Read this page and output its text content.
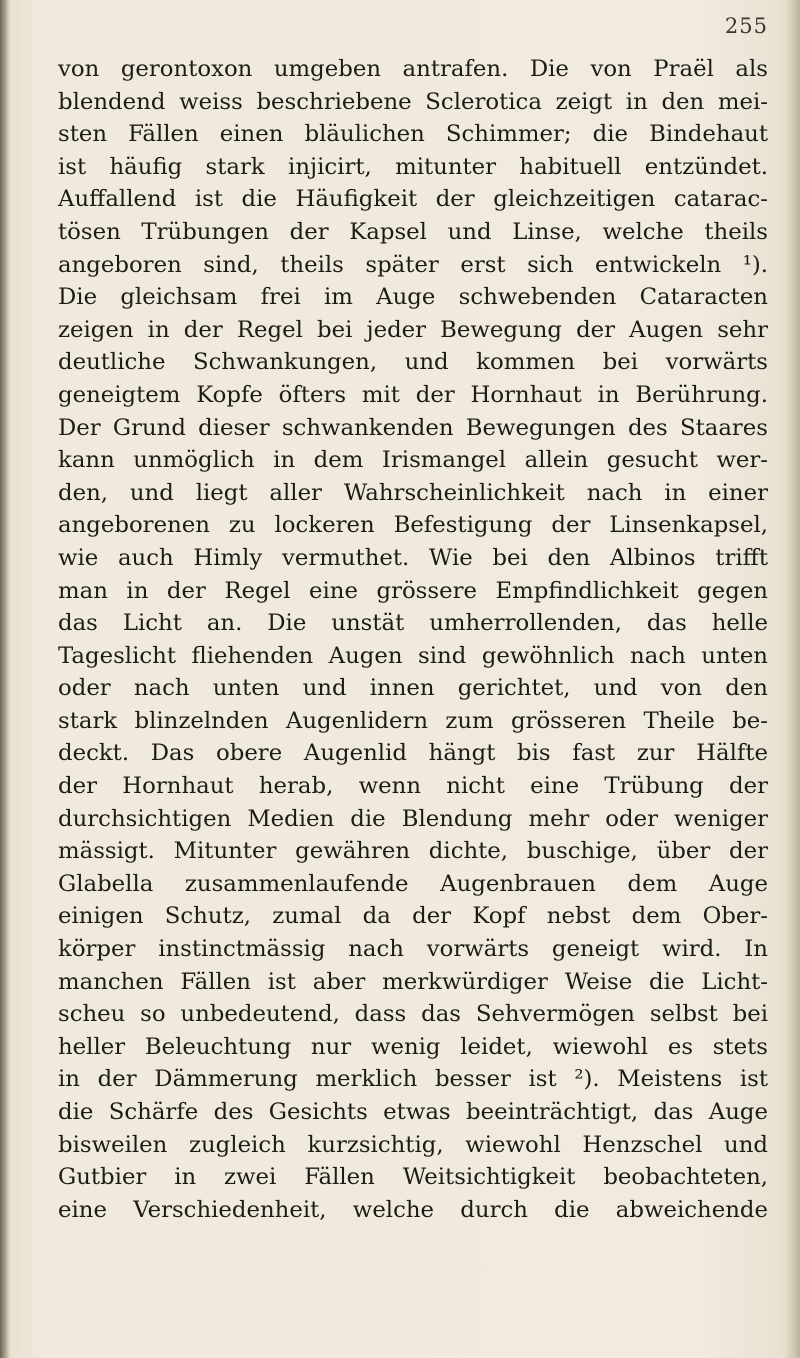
255
von gerontoxon umgeben antrafen. Die von Praël als
blendend weiss beschriebene Sclerotica zeigt in den mei-
sten Fällen einen bläulichen Schimmer; die Bindehaut
ist häufig stark injicirt, mitunter habituell entzündet.
Auffallend ist die Häufigkeit der gleichzeitigen catarac-
tösen Trübungen der Kapsel und Linse, welche theils
angeboren sind, theils später erst sich entwickeln ¹).
Die gleichsam frei im Auge schwebenden Cataracten
zeigen in der Regel bei jeder Bewegung der Augen sehr
deutliche Schwankungen, und kommen bei vorwärts
geneigtem Kopfe öfters mit der Hornhaut in Berührung.
Der Grund dieser schwankenden Bewegungen des Staares
kann unmöglich in dem Irismangel allein gesucht wer-
den, und liegt aller Wahrscheinlichkeit nach in einer
angeborenen zu lockeren Befestigung der Linsenkapsel,
wie auch Himly vermuthet. Wie bei den Albinos trifft
man in der Regel eine grössere Empfindlichkeit gegen
das Licht an. Die unstät umherrollenden, das helle
Tageslicht fliehenden Augen sind gewöhnlich nach unten
oder nach unten und innen gerichtet, und von den
stark blinzelnden Augenlidern zum grösseren Theile be-
deckt. Das obere Augenlid hängt bis fast zur Hälfte
der Hornhaut herab, wenn nicht eine Trübung der
durchsichtigen Medien die Blendung mehr oder weniger
mässigt. Mitunter gewähren dichte, buschige, über der
Glabella zusammenlaufende Augenbrauen dem Auge
einigen Schutz, zumal da der Kopf nebst dem Ober-
körper instinctmässig nach vorwärts geneigt wird. In
manchen Fällen ist aber merkwürdiger Weise die Licht-
scheu so unbedeutend, dass das Sehvermögen selbst bei
heller Beleuchtung nur wenig leidet, wiewohl es stets
in der Dämmerung merklich besser ist ²). Meistens ist
die Schärfe des Gesichts etwas beeinträchtigt, das Auge
bisweilen zugleich kurzsichtig, wiewohl Henzschel und
Gutbier in zwei Fällen Weitsichtigkeit beobachteten,
eine Verschiedenheit, welche durch die abweichende
